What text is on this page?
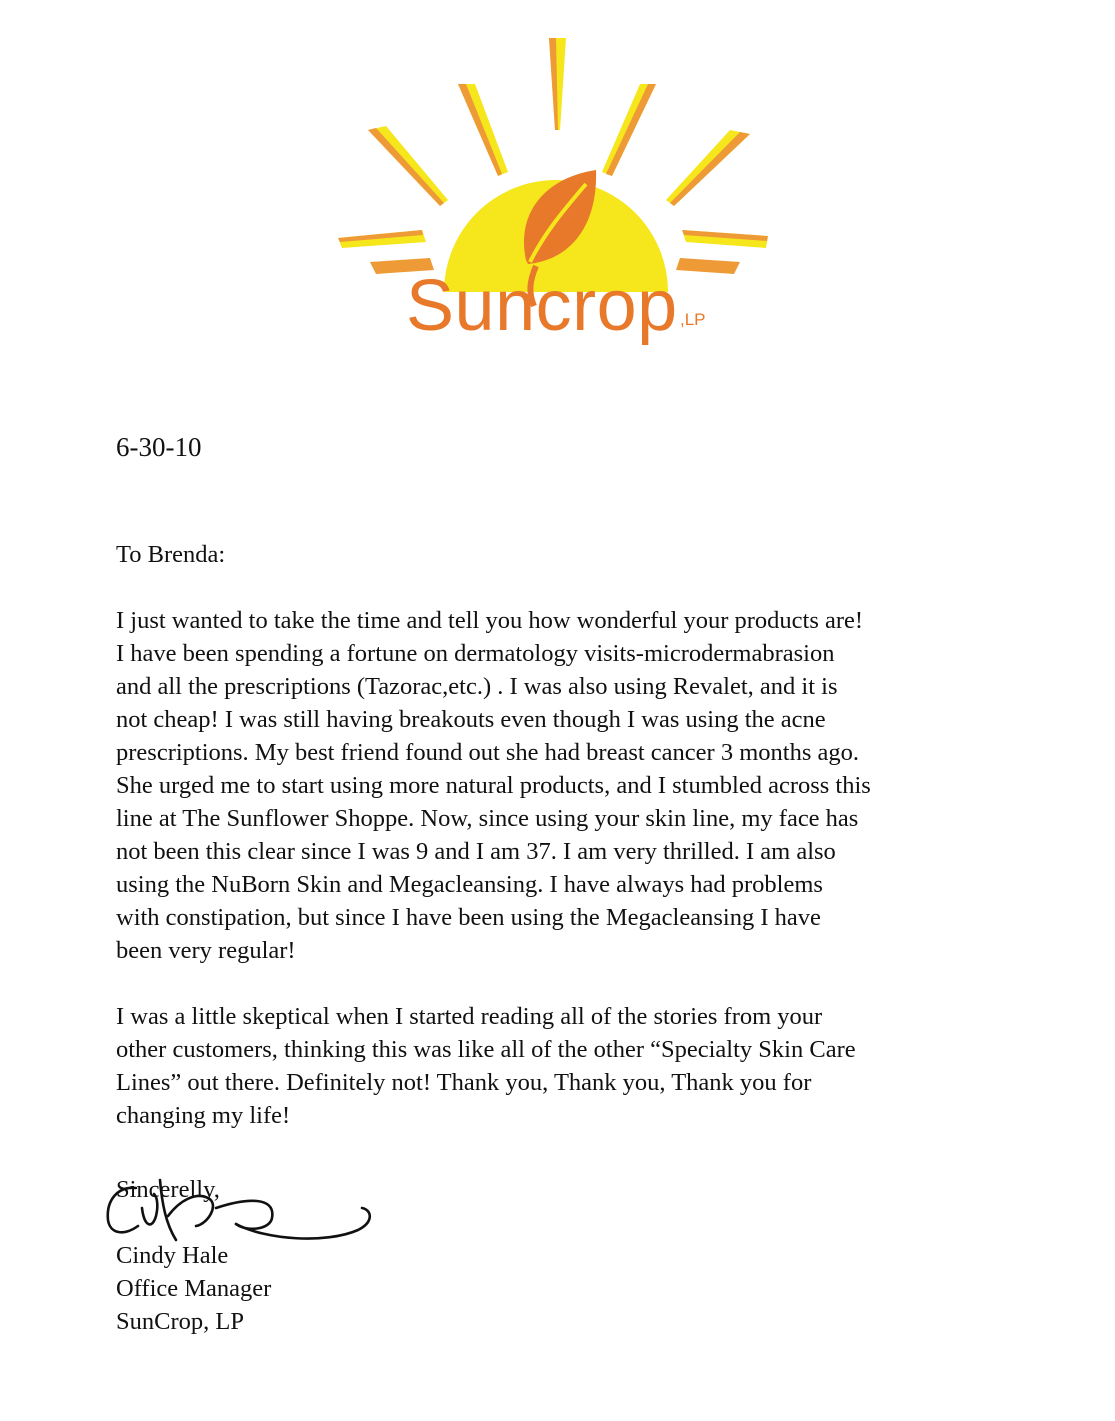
Suncrop ,LP
6-30-10

To Brenda:

I just wanted to take the time and tell you how wonderful your products are!
I have been spending a fortune on dermatology visits-microdermabrasion
and all the prescriptions (Tazorac,etc.) . I was also using Revalet, and it is
not cheap! I was still having breakouts even though I was using the acne
prescriptions. My best friend found out she had breast cancer 3 months ago.
She urged me to start using more natural products, and I stumbled across this
line at The Sunflower Shoppe. Now, since using your skin line, my face has
not been this clear since I was 9 and I am 37. I am very thrilled. I am also
using the NuBorn Skin and Megacleansing. I have always had problems
with constipation, but since I have been using the Megacleansing I have
been very regular!

I was a little skeptical when I started reading all of the stories from your
other customers, thinking this was like all of the other “Specialty Skin Care
Lines” out there. Definitely not! Thank you, Thank you, Thank you for
changing my life!

Sincerelly,
Cindy Hale
Office Manager
SunCrop, LP
